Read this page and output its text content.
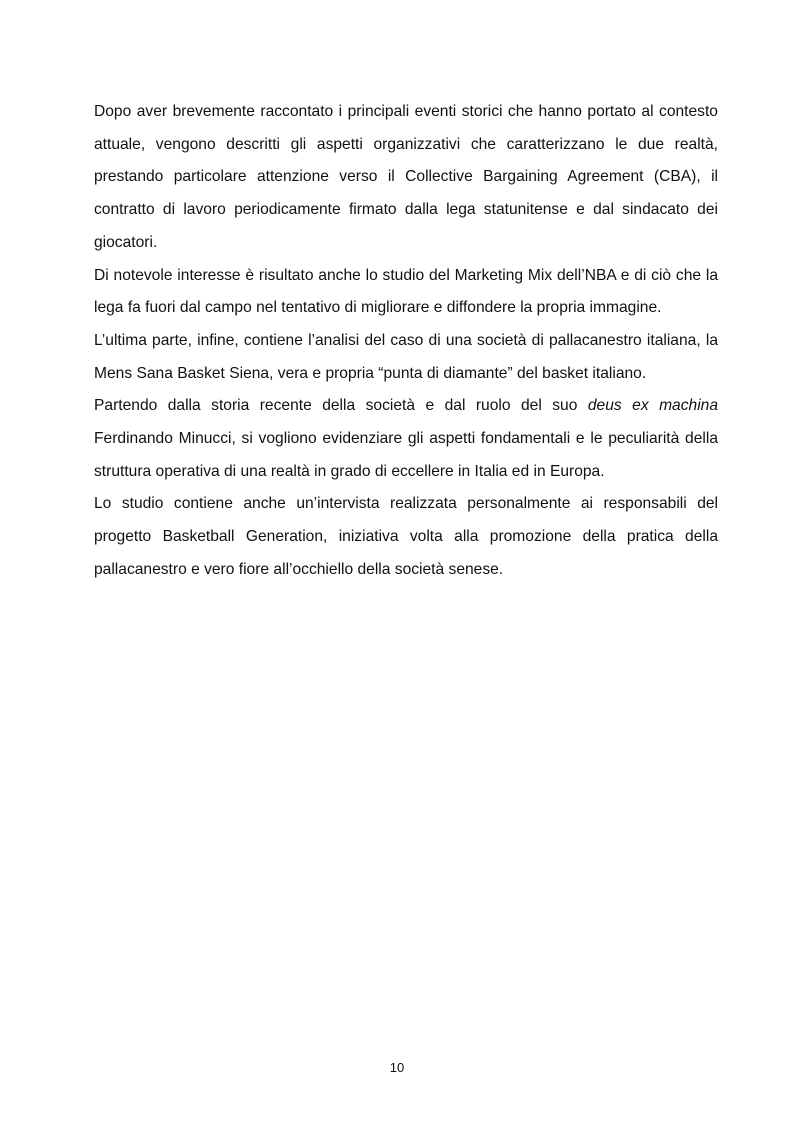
Dopo aver brevemente raccontato i principali eventi storici che hanno portato al contesto attuale, vengono descritti gli aspetti organizzativi che caratterizzano le due realtà, prestando particolare attenzione verso il Collective Bargaining Agreement (CBA), il contratto di lavoro periodicamente firmato dalla lega statunitense e dal sindacato dei giocatori.

Di notevole interesse è risultato anche lo studio del Marketing Mix dell’NBA e di ciò che la lega fa fuori dal campo nel tentativo di migliorare e diffondere la propria immagine.

L’ultima parte, infine, contiene l’analisi del caso di una società di pallacanestro italiana, la Mens Sana Basket Siena, vera e propria “punta di diamante” del basket italiano.

Partendo dalla storia recente della società e dal ruolo del suo deus ex machina Ferdinando Minucci, si vogliono evidenziare gli aspetti fondamentali e le peculiarità della struttura operativa di una realtà in grado di eccellere in Italia ed in Europa.

Lo studio contiene anche un’intervista realizzata personalmente ai responsabili del progetto Basketball Generation, iniziativa volta alla promozione della pratica della pallacanestro e vero fiore all’occhiello della società senese.

10
